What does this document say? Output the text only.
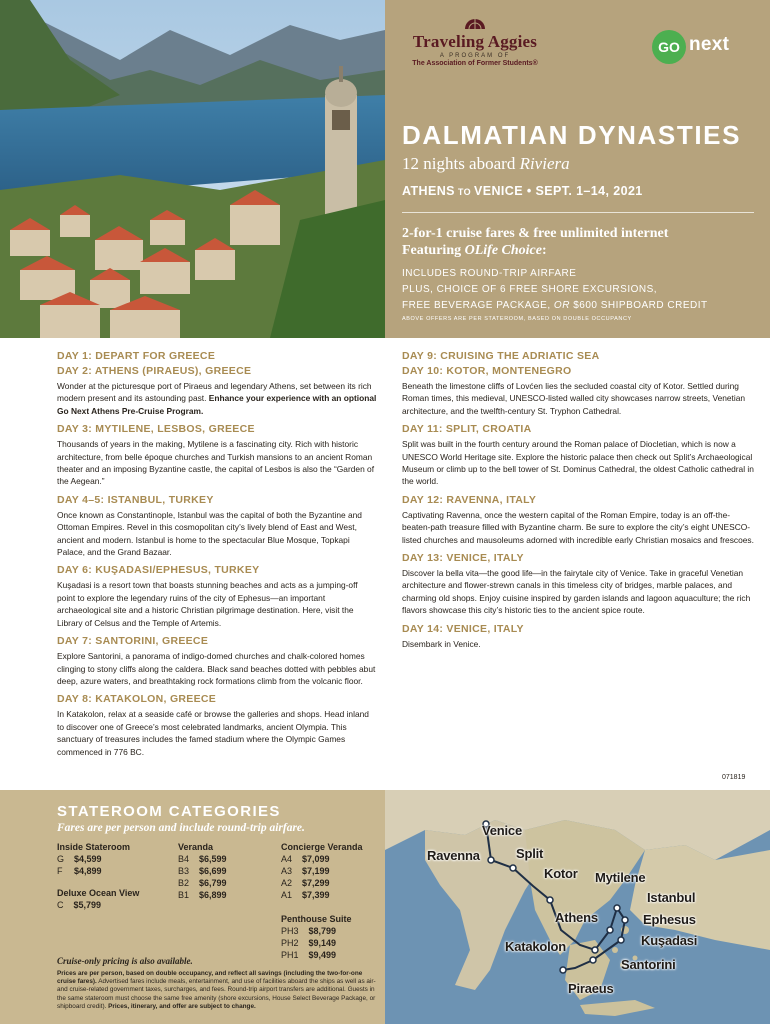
Traveling Aggies
A PROGRAM OF
The Association of Former Students®
GO next
DALMATIAN DYNASTIES
12 nights aboard Riviera
ATHENS TO VENICE • SEPT. 1–14, 2021
2-for-1 cruise fares & free unlimited internet
Featuring OLife Choice:
INCLUDES ROUND-TRIP AIRFARE
PLUS, CHOICE OF 6 FREE SHORE EXCURSIONS,
FREE BEVERAGE PACKAGE, OR $600 SHIPBOARD CREDIT
ABOVE OFFERS ARE PER STATEROOM, BASED ON DOUBLE OCCUPANCY
DAY 1: DEPART FOR GREECE
DAY 2: ATHENS (PIRAEUS), GREECE
Wonder at the picturesque port of Piraeus and legendary Athens, set between its rich modern present and its astounding past. Enhance your experience with an optional Go Next Athens Pre-Cruise Program.
DAY 3: MYTILENE, LESBOS, GREECE
Thousands of years in the making, Mytilene is a fascinating city. Rich with historic architecture, from belle époque churches and Turkish mansions to an ancient Roman theater and an imposing Byzantine castle, the capital of Lesbos is also the “Garden of the Aegean.”
DAY 4–5: ISTANBUL, TURKEY
Once known as Constantinople, Istanbul was the capital of both the Byzantine and Ottoman Empires. Revel in this cosmopolitan city’s lively blend of East and West, ancient and modern. Istanbul is home to the spectacular Blue Mosque, Topkapi Palace, and the Grand Bazaar.
DAY 6: KUŞADASI/EPHESUS, TURKEY
Kuşadasi is a resort town that boasts stunning beaches and acts as a jumping-off point to explore the legendary ruins of the city of Ephesus—an important archaeological site and a historic Christian pilgrimage destination. Here, visit the Library of Celsus and the Temple of Artemis.
DAY 7: SANTORINI, GREECE
Explore Santorini, a panorama of indigo-domed churches and chalk-colored homes clinging to stony cliffs along the caldera. Black sand beaches dotted with pebbles abut deep, azure waters, and breathtaking rock formations climb from the volcanic floor.
DAY 8: KATAKOLON, GREECE
In Katakolon, relax at a seaside café or browse the galleries and shops. Head inland to discover one of Greece’s most celebrated landmarks, ancient Olympia. This sanctuary of treasures includes the famed stadium where the Olympic Games commenced in 776 BC.
DAY 9: CRUISING THE ADRIATIC SEA
DAY 10: KOTOR, MONTENEGRO
Beneath the limestone cliffs of Lovćen lies the secluded coastal city of Kotor. Settled during Roman times, this medieval, UNESCO-listed walled city showcases narrow streets, Venetian architecture, and the twelfth-century St. Tryphon Cathedral.
DAY 11: SPLIT, CROATIA
Split was built in the fourth century around the Roman palace of Diocletian, which is now a UNESCO World Heritage site. Explore the historic palace then check out Split’s Archaeological Museum or climb up to the bell tower of St. Dominus Cathedral, the oldest Catholic cathedral in the world.
DAY 12: RAVENNA, ITALY
Captivating Ravenna, once the western capital of the Roman Empire, today is an off-the-beaten-path treasure filled with Byzantine charm. Be sure to explore the city’s eight UNESCO-listed churches and mausoleums adorned with incredible early Christian mosaics and frescoes.
DAY 13: VENICE, ITALY
Discover la bella vita—the good life—in the fairytale city of Venice. Take in graceful Venetian architecture and flower-strewn canals in this timeless city of bridges, marble palaces, and charming old shops. Enjoy cuisine inspired by garden islands and lagoon aquaculture; the rich flavors showcase this city’s historic ties to the ancient spice route.
DAY 14: VENICE, ITALY
Disembark in Venice.
071819
STATEROOM CATEGORIES
Fares are per person and include round-trip airfare.
Inside Stateroom
G	$4,599
F	$4,899
Deluxe Ocean View
C	$5,799
Veranda
B4	$6,599
B3	$6,699
B2	$6,799
B1	$6,899
Concierge Veranda
A4	$7,099
A3	$7,199
A2	$7,299
A1	$7,399
Penthouse Suite
PH3	$8,799
PH2	$9,149
PH1	$9,499
Cruise-only pricing is also available.
Prices are per person, based on double occupancy, and reflect all savings (including the two-for-one cruise fares). Advertised fares include meals, entertainment, and use of facilities aboard the ships as well as air- and cruise-related government taxes, surcharges, and fees. Round-trip airport transfers are additional. Guests in the same stateroom must choose the same free amenity (shore excursions, House Select Beverage Package, or shipboard credit). Prices, itinerary, and offer are subject to change.
Venice
Ravenna	Split
Kotor Mytilene
Istanbul
Athens	Ephesus
Katakolon	Kuşadasi
Santorini
Piraeus
